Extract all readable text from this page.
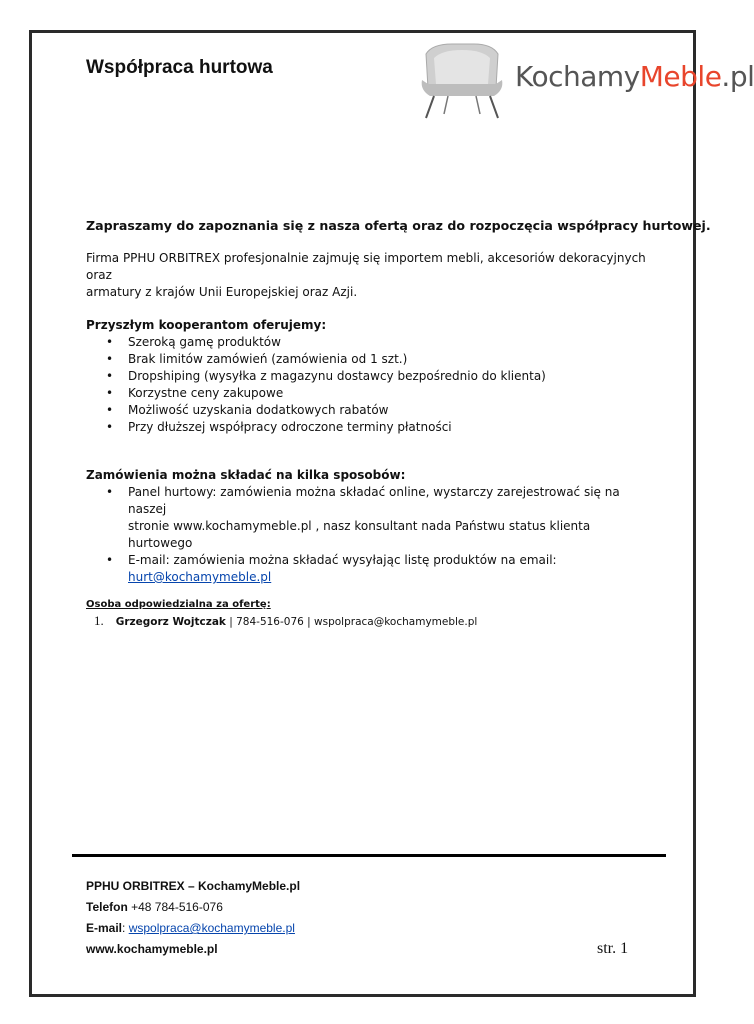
Współpraca hurtowa	KochamyMeble.pl
Zapraszamy do zapoznania się z nasza ofertą oraz do rozpoczęcia współpracy hurtowej.
Firma PPHU ORBITREX profesjonalnie zajmuję się importem mebli, akcesoriów dekoracyjnych oraz
armatury z krajów Unii Europejskiej oraz Azji.
Przyszłym kooperantom oferujemy:
• Szeroką gamę produktów
• Brak limitów zamówień (zamówienia od 1 szt.)
• Dropshiping (wysyłka z magazynu dostawcy bezpośrednio do klienta)
• Korzystne ceny zakupowe
• Możliwość uzyskania dodatkowych rabatów
• Przy dłuższej współpracy odroczone terminy płatności
Zamówienia można składać na kilka sposobów:
• Panel hurtowy: zamówienia można składać online, wystarczy zarejestrować się na naszej
stronie www.kochamymeble.pl , nasz konsultant nada Państwu status klienta hurtowego
• E-mail: zamówienia można składać wysyłając listę produktów na email:
hurt@kochamymeble.pl
Osoba odpowiedzialna za ofertę:
1. Grzegorz Wojtczak | 784-516-076 | wspolpraca@kochamymeble.pl
PPHU ORBITREX – KochamyMeble.pl
Telefon +48 784-516-076
E-mail: wspolpraca@kochamymeble.pl
www.kochamymeble.pl	str. 1
